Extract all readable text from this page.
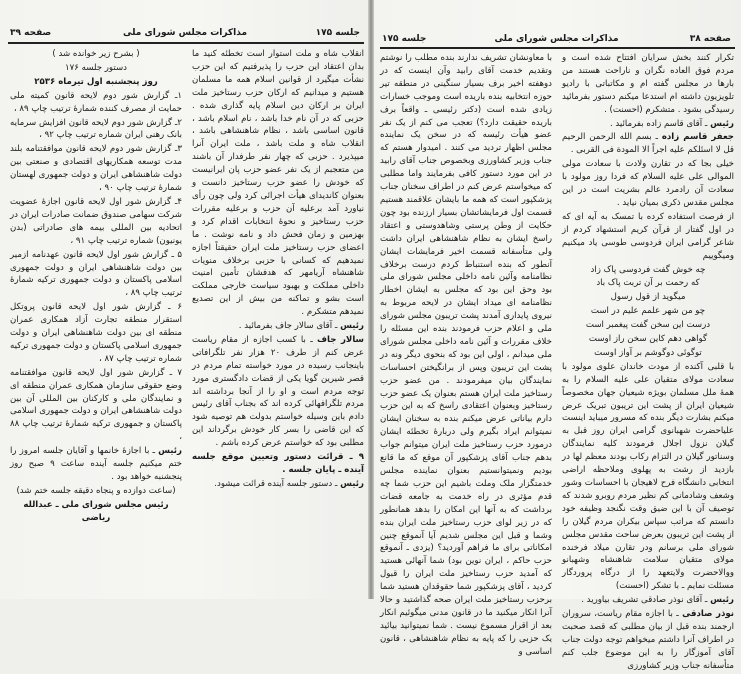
جلسه ۱۷۵
مذاکرات مجلس شورای ملی
صفحه ۳۹

( بشرح زیر خوانده شد )

دستور جلسه ۱۷۶

روز پنجشنبه اول تیرماه ۲۵۳۶

۱ـ گزارش شور دوم لایحه قانون کمیته ملی حمایت از مصرف کننده شمارهٔ ترتیب چاپ ۸۹ ،

۲ـ گزارش شور دوم لایحه قانون افزایش سرمایه بانک رهنی ایران شماره ترتیب چاپ ۹۲ ،

۳ـ گزارش شور دوم لایحه قانون موافقتنامه بلند مدت توسعه همکاریهای اقتصادی و صنعتی بین دولت شاهنشاهی ایران و دولت جمهوری لهستان شمارهٔ ترتیب چاپ ۹۰ ،

۴ـ گزارش شور اول لایحه قانون اجازهٔ عضویت شرکت سهامی صندوق ضمانت صادرات ایران در اتحادیه بین المللی بیمه های صادراتی (بدن یونیون) شماره ترتیب چاپ ۹۱ ،

۵ ـ گزارش شور اول لایحه قانون عهدنامه ازمیر بین دولت شاهنشاهی ایران و دولت جمهوری اسلامی پاکستان و دولت جمهوری ترکیه شمارهٔ ترتیب چاپ ۸۹ ،

۶ ـ گزارش شور اول لایحه قانون پروتکل استقرار منطقه تجارت آزاد همکاری عمران منطقه ای بین دولت شاهنشاهی ایران و دولت جمهوری اسلامی پاکستان و دولت جمهوری ترکیه شماره ترتیب چاپ ۸۷ ،

۷ ـ گزارش شور اول لایحه قانون موافقتنامه وضع حقوقی سازمان همکاری عمران منطقه ای و نمایندگان ملی و کارکنان بین المللی آن بین دولت شاهنشاهی ایران و دولت جمهوری اسلامی پاکستان و جمهوری ترکیه شمارهٔ ترتیب چاپ ۸۸ ،

رئیس ـ با اجازهٔ خانمها و آقایان جلسه امروز را ختم میکنیم جلسه آینده ساعت ۹ صبح روز پنجشنبه خواهد بود .

(ساعت دوازده و پنجاه دقیقه جلسه ختم شد)

رئیس مجلس شورای ملی ـ عبدالله ریاضی

انقلاب شاه و ملت استوار است تخطئه کنید ما بدان اعتقاد این حزب را پذیرفتیم که این حزب نشأت میگیرد از قوانین اسلام همه ما مسلمان هستیم و میدانیم که ارکان حزب رستاخیز ملت ایران بر ارکان دین اسلام پایه گذاری شده . حزبی که در آن نام خدا باشد ، نام اسلام باشد ، قانون اساسی باشد ، نظام شاهنشاهی باشد ، انقلاب شاه و ملت باشد ، ملت ایران آنرا میپذیرد . حزبی که چهار نفر طرفدار آن باشند من متعجبم از یک نفر عضو حزب پان ایرانیست که خودش را عضو حزب رستاخیز دانست و بعنوان کاندیدای هیأت اجرائی کرد ولی چون رأی نیاورد آمد برعلیه آن حزب و برعلیه مقررات حزب رستاخیز و نحوهٔ انتخابات اقدام کرد و بهزمین و زمان فحش داد و نامه نوشت . ما اعضای حزب رستاخیز ملت ایران حقیقتاً اجازه نمیدهیم که کسانی با حزبی برخلاف منویات شاهنشاه آریامهر که هدفشان تأمین امنیت داخلی مملکت و بهبود سیاست خارجی مملکت است بشو و تماکنه من بیش از این تصدیع نمیدهم متشکرم .

رئیس ـ آقای سالار جاف بفرمائید .

سالار جاف ـ با کسب اجازه از مقام ریاست عرض کنم از طرف ۲۰ هزار نفر تلگرافاتی باینجانب رسیده در مورد خواسته تمام مردم در قصر شیرین گویا یکی از قضات دادگستری مورد توجه مردم است و او را از آنجا برداشته اند مردم تلگرافهائی کرده اند که بجناب آقای رئیس دادم باین وسیله خواستم بدولت هم توصیه شود که این قاضی را بسر کار خودش برگرداند این مطلبی بود که خواستم عرض کرده باشم .

۹ ـ قرائت دستور وتعیین موقع جلسه آینده ـ پایان جلسه .

رئیس ـ دستور جلسه آینده قرائت میشود.

صفحه ۳۸
مذاکرات مجلس شورای ملی
جلسه ۱۷۵

تکرار کنند بخش سرایان افتتاح شده است و مردم فوق العاده نگران و ناراحت هستند من بارها در مجلس گفته ام و مکاتباتی با رادیو تلویزیون داشته ام استدعا میکنم دستور بفرمائید رسیدگی بشود . متشکرم (احسنت) .

رئیس ـ آقای قاسم زاده بفرمائید .

جعفر قاسم زاده ـ بسم الله الرحمن الرحیم قل لا اسئلکم علیه اجراً الا المودة فی القربی .

خیلی بجا که در تقارن ولادت با سعادت مولی الموالی علی علیه السلام که فردا روز مولود با سعادت آن رادمرد عالم بشریت است در این مجلس مقدس ذکری بمیان نیاید .

از فرصت استفاده کرده با تمسک به آیه ای که در اول گفتار از قرآن کریم استشهاد کردم از شاعر گرامی ایران فردوسی طوسی یاد میکنیم ومیگوییم

چه خوش گفت فردوسی پاک زاد

که رحمت بر آن تربت پاک باد

میگوید از قول رسول

چو من شهر علمم علیم در است

درست این سخن گفت پیغمبر است

گواهی دهم کاین سخن راز اوست

توگوئی دوگوشم بر آواز اوست

با قلبی آکنده از مودت خاندان علوی مولود با سعادت مولای متقیان علی علیه السلام را به همهٔ ملل مسلمان بویژه شیعیان جهان مخصوصاً شیعیان ایران از پشت این تریبون تبریک عرض میکنم بشارت دیگر بنده که مسرور میباید اینست علیاحضرت شهبانوی گرامی ایران روز قبل به گیلان نزول اجلال فرمودند کلیه نمایندگان وسناتور گیلان در التزام رکاب بودند معظم لها در بازدید از رشت به پهلوی وملاحظه اراضی انتخابی دانشگاه فرح لاهیجان با احساسات وشور وشعف وشادمانی کم نظیر مردم روبرو شدند که توصیف آن با این ضیق وقت نگنجد وظیفه خود دانستم که مراتب سپاس بیکران مردم گیلان را از پشت این تریبون بعرض ساحت مقدس مجلس شورای ملی برسانم ودر تقارن میلاد فرخنده مولای متقیان سلامت شاهنشاه وشهبانو ووالاحضرت ولایتعهد را از درگاه پروردگار مسئلت نمایم ـ با تشکر (احسنت)

رئیس ـ آقای نوذر صادقی تشریف بیاورید .

نوذر صادقی ـ با اجازه مقام ریاست، سروران ارجمند بنده قبل از بیان مطلبی که قصد صحبت در اطراف آنرا داشتم میخواهم توجه دولت جناب آقای آموزگار را به این موضوع جلب کنم متأسفانه جناب وزیر کشاورزی

با معاونشان تشریف ندارند بنده مطلب را نوشتم وتقدیم خدمت آقای رابید وآن اینست که در دوهفته اخیر برف بسیار سنگینی در منطقه تیر حوزه انتخابیه بنده باریده است وموجب خسارات زیادی شده است (دکتر رئیسی ـ واقعاً برف باریده حقیقت دارد؟) تعجب می کنم از یک نفر عضو هیأت رئیسه که در سخن یک نماینده مجلس اظهار تردید می کنند . امیدوار هستم که جناب وزیر کشاورزی وبخصوص جناب آقای رابید در این مورد دستور کافی بفرمایند واما مطلبی که میخواستم عرض کنم در اطراف سخنان جناب پزشکپور است که همه ما بایشان علاقمند هستیم قسمت اول فرمایشاتشان بسیار ارزنده بود چون حکایت از وطن پرستی وشاهدوستی و اعتقاد راسخ ایشان به نظام شاهنشاهی ایران داشت ولی متأسفانه قسمت اخیر فرمایشات ایشان آنطور که بنده استنباط کردم درست برخلاف نظامنامه وآئین نامه داخلی مجلس شورای ملی بود وحق این بود که مجلس به ایشان اخطار نظامنامه ای میداد ایشان در لایحه مربوط به نیروی پایداری آمدند پشت تریبون مجلس شورای ملی و اعلام حزب فرمودند بنده این مسئله را خلاف مقررات و آئین نامه داخلی مجلس شورای ملی میدانم ، اولی این بود که بنحوی دیگر ونه در پشت این تریبون وپس از برانگیختن احساسات نمایندگان بیان میفرمودند . من عضو حزب رستاخیز ملت ایران هستم بعنوان یک عضو حزب رستاخیز وبعنوان اعتقادی راسخ که به این حزب دارم بیاناتی عرض میکنم بنده به سخنان ایشان نمیتوانم ایراد بگیرم ولی دربارهٔ تخطئه ایشان درمورد حزب رستاخیز ملت ایران میتوانم جواب بدهم جناب آقای پزشکپور آن موقع که ما قانع بودیم ونمیتوانستیم بعنوان نماینده مجلس خدمتگزار ملک وملت باشیم این حزب شما چه قدم مؤثری در راه خدمت به جامعه قضات برداشت که به آنها این امکان را بدهد همانطور که در زیر لوای حزب رستاخیز ملت ایران بنده وشما و قبل این مجلس شدیم آیا آنموقع چنین امکاناتی برای ما فراهم آوردید؟ (یزدی ـ آنموقع حزب حاکم ، ایران نوین بود) شما آنهائی هستید که آمدید حزب رستاخیز ملت ایران را قبول کردید ، آقای پزشکپور شما حقوقدان هستید شما برحزب رستاخیز ملت ایران صحه گذاشتید و حالا آنرا انکار میکنید ما در قانون مدنی میگوئیم انکار بعد از اقرار مسموع نیست . شما نمیتوانید بیائید یک حزبی را که پایه به نظام شاهنشاهی ، قانون اساسی و
